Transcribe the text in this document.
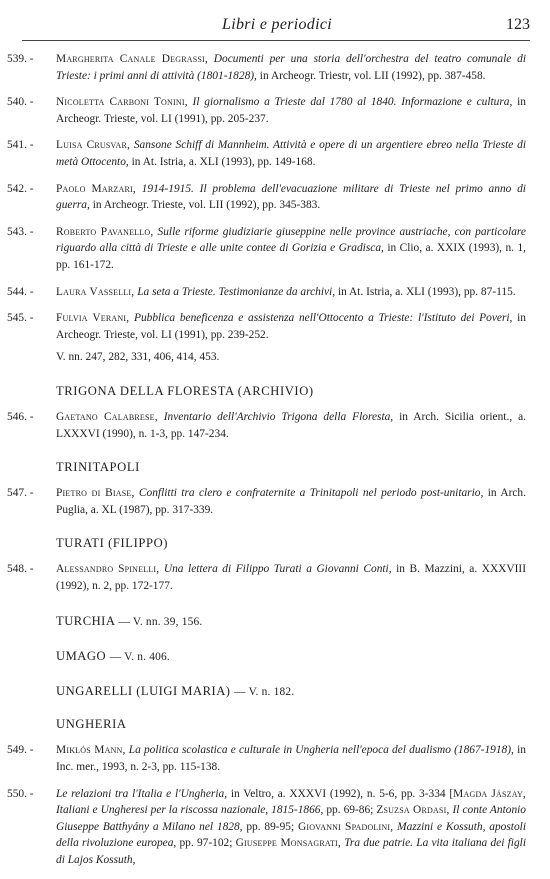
Libri e periodici	123
539. -	Margherita Canale Degrassi, Documenti per una storia dell'orchestra del teatro comunale di Trieste: i primi anni di attività (1801-1828), in Archeogr. Triestr, vol. LII (1992), pp. 387-458.
540. -	Nicoletta Carboni Tonini, Il giornalismo a Trieste dal 1780 al 1840. Informazione e cultura, in Archeogr. Trieste, vol. LI (1991), pp. 205-237.
541. -	Luisa Crusvar, Sansone Schiff di Mannheim. Attività e opere di un argentiere ebreo nella Trieste di metà Ottocento, in At. Istria, a. XLI (1993), pp. 149-168.
542. -	Paolo Marzari, 1914-1915. Il problema dell'evacuazione militare di Trieste nel primo anno di guerra, in Archeogr. Trieste, vol. LII (1992), pp. 345-383.
543. -	Roberto Pavanello, Sulle riforme giudiziarie giuseppine nelle province austriache, con particolare riguardo alla città di Trieste e alle unite contee di Gorizia e Gradisca, in Clio, a. XXIX (1993), n. 1, pp. 161-172.
544. -	Laura Vasselli, La seta a Trieste. Testimonianze da archivi, in At. Istria, a. XLI (1993), pp. 87-115.
545. -	Fulvia Verani, Pubblica beneficenza e assistenza nell'Ottocento a Trieste: l'Istituto dei Poveri, in Archeogr. Trieste, vol. LI (1991), pp. 239-252.
V. nn. 247, 282, 331, 406, 414, 453.
TRIGONA DELLA FLORESTA (ARCHIVIO)
546. -	Gaetano Calabrese, Inventario dell'Archivio Trigona della Floresta, in Arch. Sicilia orient., a. LXXXVI (1990), n. 1-3, pp. 147-234.
TRINITAPOLI
547. -	Pietro di Biase, Conflitti tra clero e confraternite a Trinitapoli nel periodo post-unitario, in Arch. Puglia, a. XL (1987), pp. 317-339.
TURATI (FILIPPO)
548. -	Alessandro Spinelli, Una lettera di Filippo Turati a Giovanni Conti, in B. Mazzini, a. XXXVIII (1992), n. 2, pp. 172-177.
TURCHIA — V. nn. 39, 156.
UMAGO — V. n. 406.
UNGARELLI (LUIGI MARIA) — V. n. 182.
UNGHERIA
549. -	Miklós Mann, La politica scolastica e culturale in Ungheria nell'epoca del dualismo (1867-1918), in Inc. mer., 1993, n. 2-3, pp. 115-138.
550. -	Le relazioni tra l'Italia e l'Ungheria, in Veltro, a. XXXVI (1992), n. 5-6, pp. 3-334 [Magda Jászay, Italiani e Ungheresi per la riscossa nazionale, 1815-1866, pp. 69-86; Zsuzsa Ordasi, Il conte Antonio Giuseppe Batthyány a Milano nel 1828, pp. 89-95; Giovanni Spadolini, Mazzini e Kossuth, apostoli della rivoluzione europea, pp. 97-102; Giuseppe Monsagrati, Tra due patrie. La vita italiana dei figli di Lajos Kossuth,
